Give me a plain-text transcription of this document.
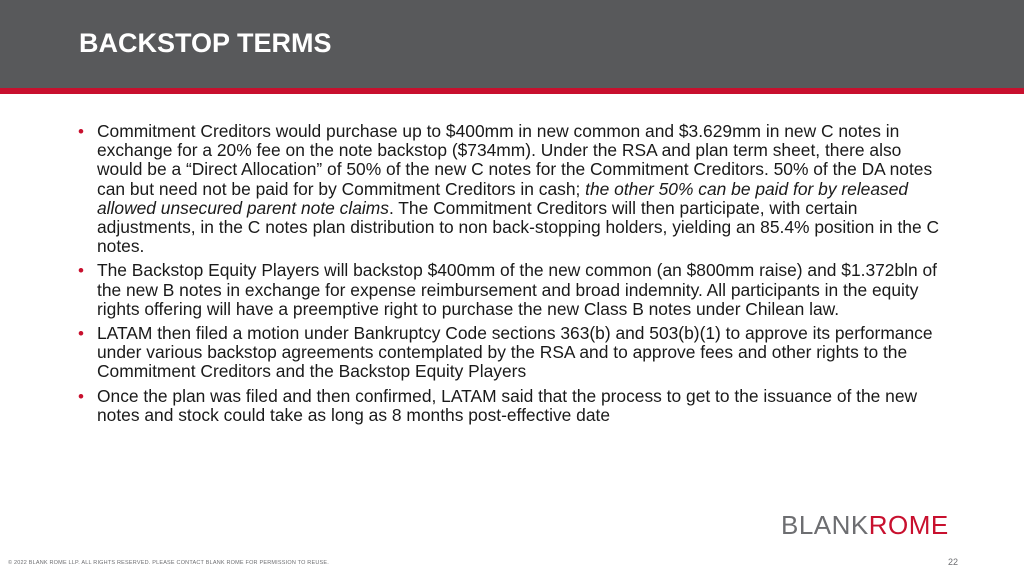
BACKSTOP TERMS
• Commitment Creditors would purchase up to $400mm in new common and $3.629mm in new C notes in exchange for a 20% fee on the note backstop ($734mm). Under the RSA and plan term sheet, there also would be a “Direct Allocation” of 50% of the new C notes for the Commitment Creditors. 50% of the DA notes can but need not be paid for by Commitment Creditors in cash; the other 50% can be paid for by released allowed unsecured parent note claims. The Commitment Creditors will then participate, with certain adjustments, in the C notes plan distribution to non back-stopping holders, yielding an 85.4% position in the C notes.
• The Backstop Equity Players will backstop $400mm of the new common (an $800mm raise) and $1.372bln of the new B notes in exchange for expense reimbursement and broad indemnity. All participants in the equity rights offering will have a preemptive right to purchase the new Class B notes under Chilean law.
• LATAM then filed a motion under Bankruptcy Code sections 363(b) and 503(b)(1) to approve its performance under various backstop agreements contemplated by the RSA and to approve fees and other rights to the Commitment Creditors and the Backstop Equity Players
• Once the plan was filed and then confirmed, LATAM said that the process to get to the issuance of the new notes and stock could take as long as 8 months post-effective date
BLANKROME
© 2022 BLANK ROME LLP. ALL RIGHTS RESERVED. PLEASE CONTACT BLANK ROME FOR PERMISSION TO REUSE.	22
